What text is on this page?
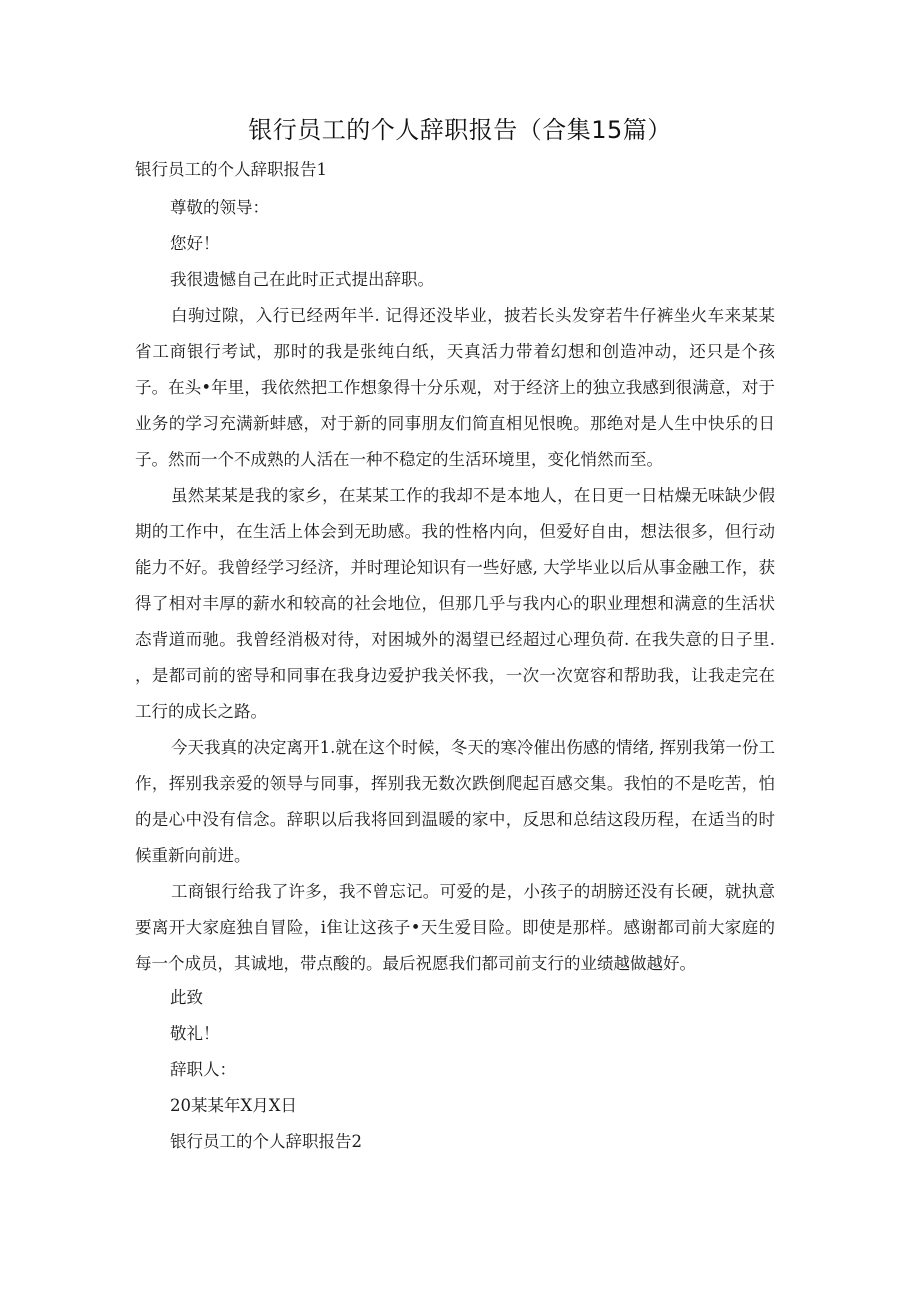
银行员工的个人辞职报告（合集15篇）

银行员工的个人辞职报告1

尊敬的领导：

您好！

我很遗憾自己在此时正式提出辞职。

白驹过隙，入行已经两年半. 记得还没毕业，披若长头发穿若牛仔裤坐火车来某某省工商银行考试，那时的我是张纯白纸，天真活力带着幻想和创造冲动，还只是个孩子。在头•年里，我依然把工作想象得十分乐观，对于经济上的独立我感到很满意，对于业务的学习充满新蚌感，对于新的同事朋友们简直相见恨晚。那绝对是人生中快乐的日子。然而一个不成熟的人活在一种不稳定的生活环境里，变化悄然而至。

虽然某某是我的家乡，在某某工作的我却不是本地人，在日更一日枯燥无味缺少假期的工作中，在生活上体会到无助感。我的性格内向，但爱好自由，想法很多，但行动能力不好。我曾经学习经济，并时理论知识有一些好感, 大学毕业以后从事金融工作，获得了相对丰厚的薪水和较高的社会地位，但那几乎与我内心的职业理想和满意的生活状态背道而驰。我曾经消极对待，对困城外的渴望已经超过心理负荷. 在我失意的日子里. ，是都司前的密导和同事在我身边爱护我关怀我，一次一次宽容和帮助我，让我走完在工行的成长之路。

今天我真的决定离开1.就在这个时候，冬天的寒冷催出伤感的情绪, 挥别我第一份工作，挥别我亲爱的领导与同事，挥别我无数次跌倒爬起百感交集。我怕的不是吃苦，怕的是心中没有信念。辞职以后我将回到温暖的家中，反思和总结这段历程，在适当的时候重新向前进。

工商银行给我了许多，我不曾忘记。可爱的是，小孩子的胡膀还没有长硬，就执意要离开大家庭独自冒险，i隹让这孩子•天生爱目险。即使是那样。感谢都司前大家庭的每一个成员，其诚地，带点酸的。最后祝愿我们都司前支行的业绩越做越好。

此致

敬礼！

辞职人：

20某某年X月X日

银行员工的个人辞职报告2
